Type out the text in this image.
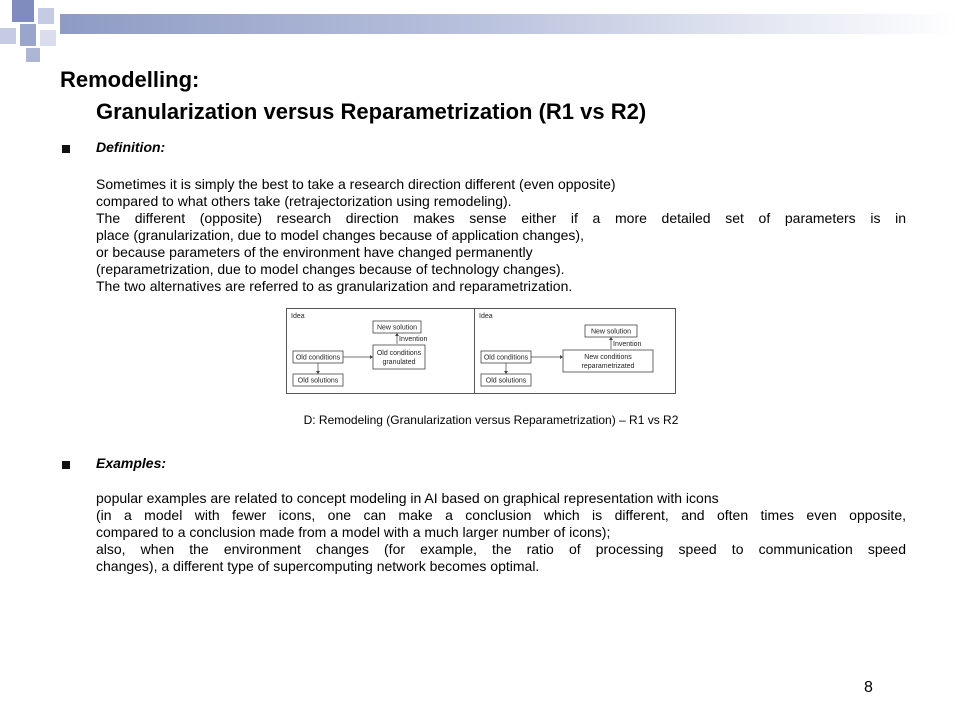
Remodelling:
Granularization versus Reparametrization (R1 vs R2)
Definition:
Sometimes it is simply the best to take a research direction different (even opposite)
compared to what others take (retrajectorization using remodeling).
The different (opposite) research direction makes sense either if a more detailed set of parameters is in
place (granularization, due to model changes because of application changes),
or because parameters of the environment have changed permanently
(reparametrization, due to model changes because of technology changes).
The two alternatives are referred to as granularization and reparametrization.
Idea
New solution
Invention
Old conditions
Old conditions
granulated
Old solutions
Idea
New solution
Invention
Old conditions	New conditions
reparametrizated
Old solutions
D: Remodeling (Granularization versus Reparametrization) – R1 vs R2
Examples:
popular examples are related to concept modeling in AI based on graphical representation with icons
(in a model with fewer icons, one can make a conclusion which is different, and often times even opposite,
compared to a conclusion made from a model with a much larger number of icons);
also, when the environment changes (for example, the ratio of processing speed to communication speed
changes), a different type of supercomputing network becomes optimal.
8
